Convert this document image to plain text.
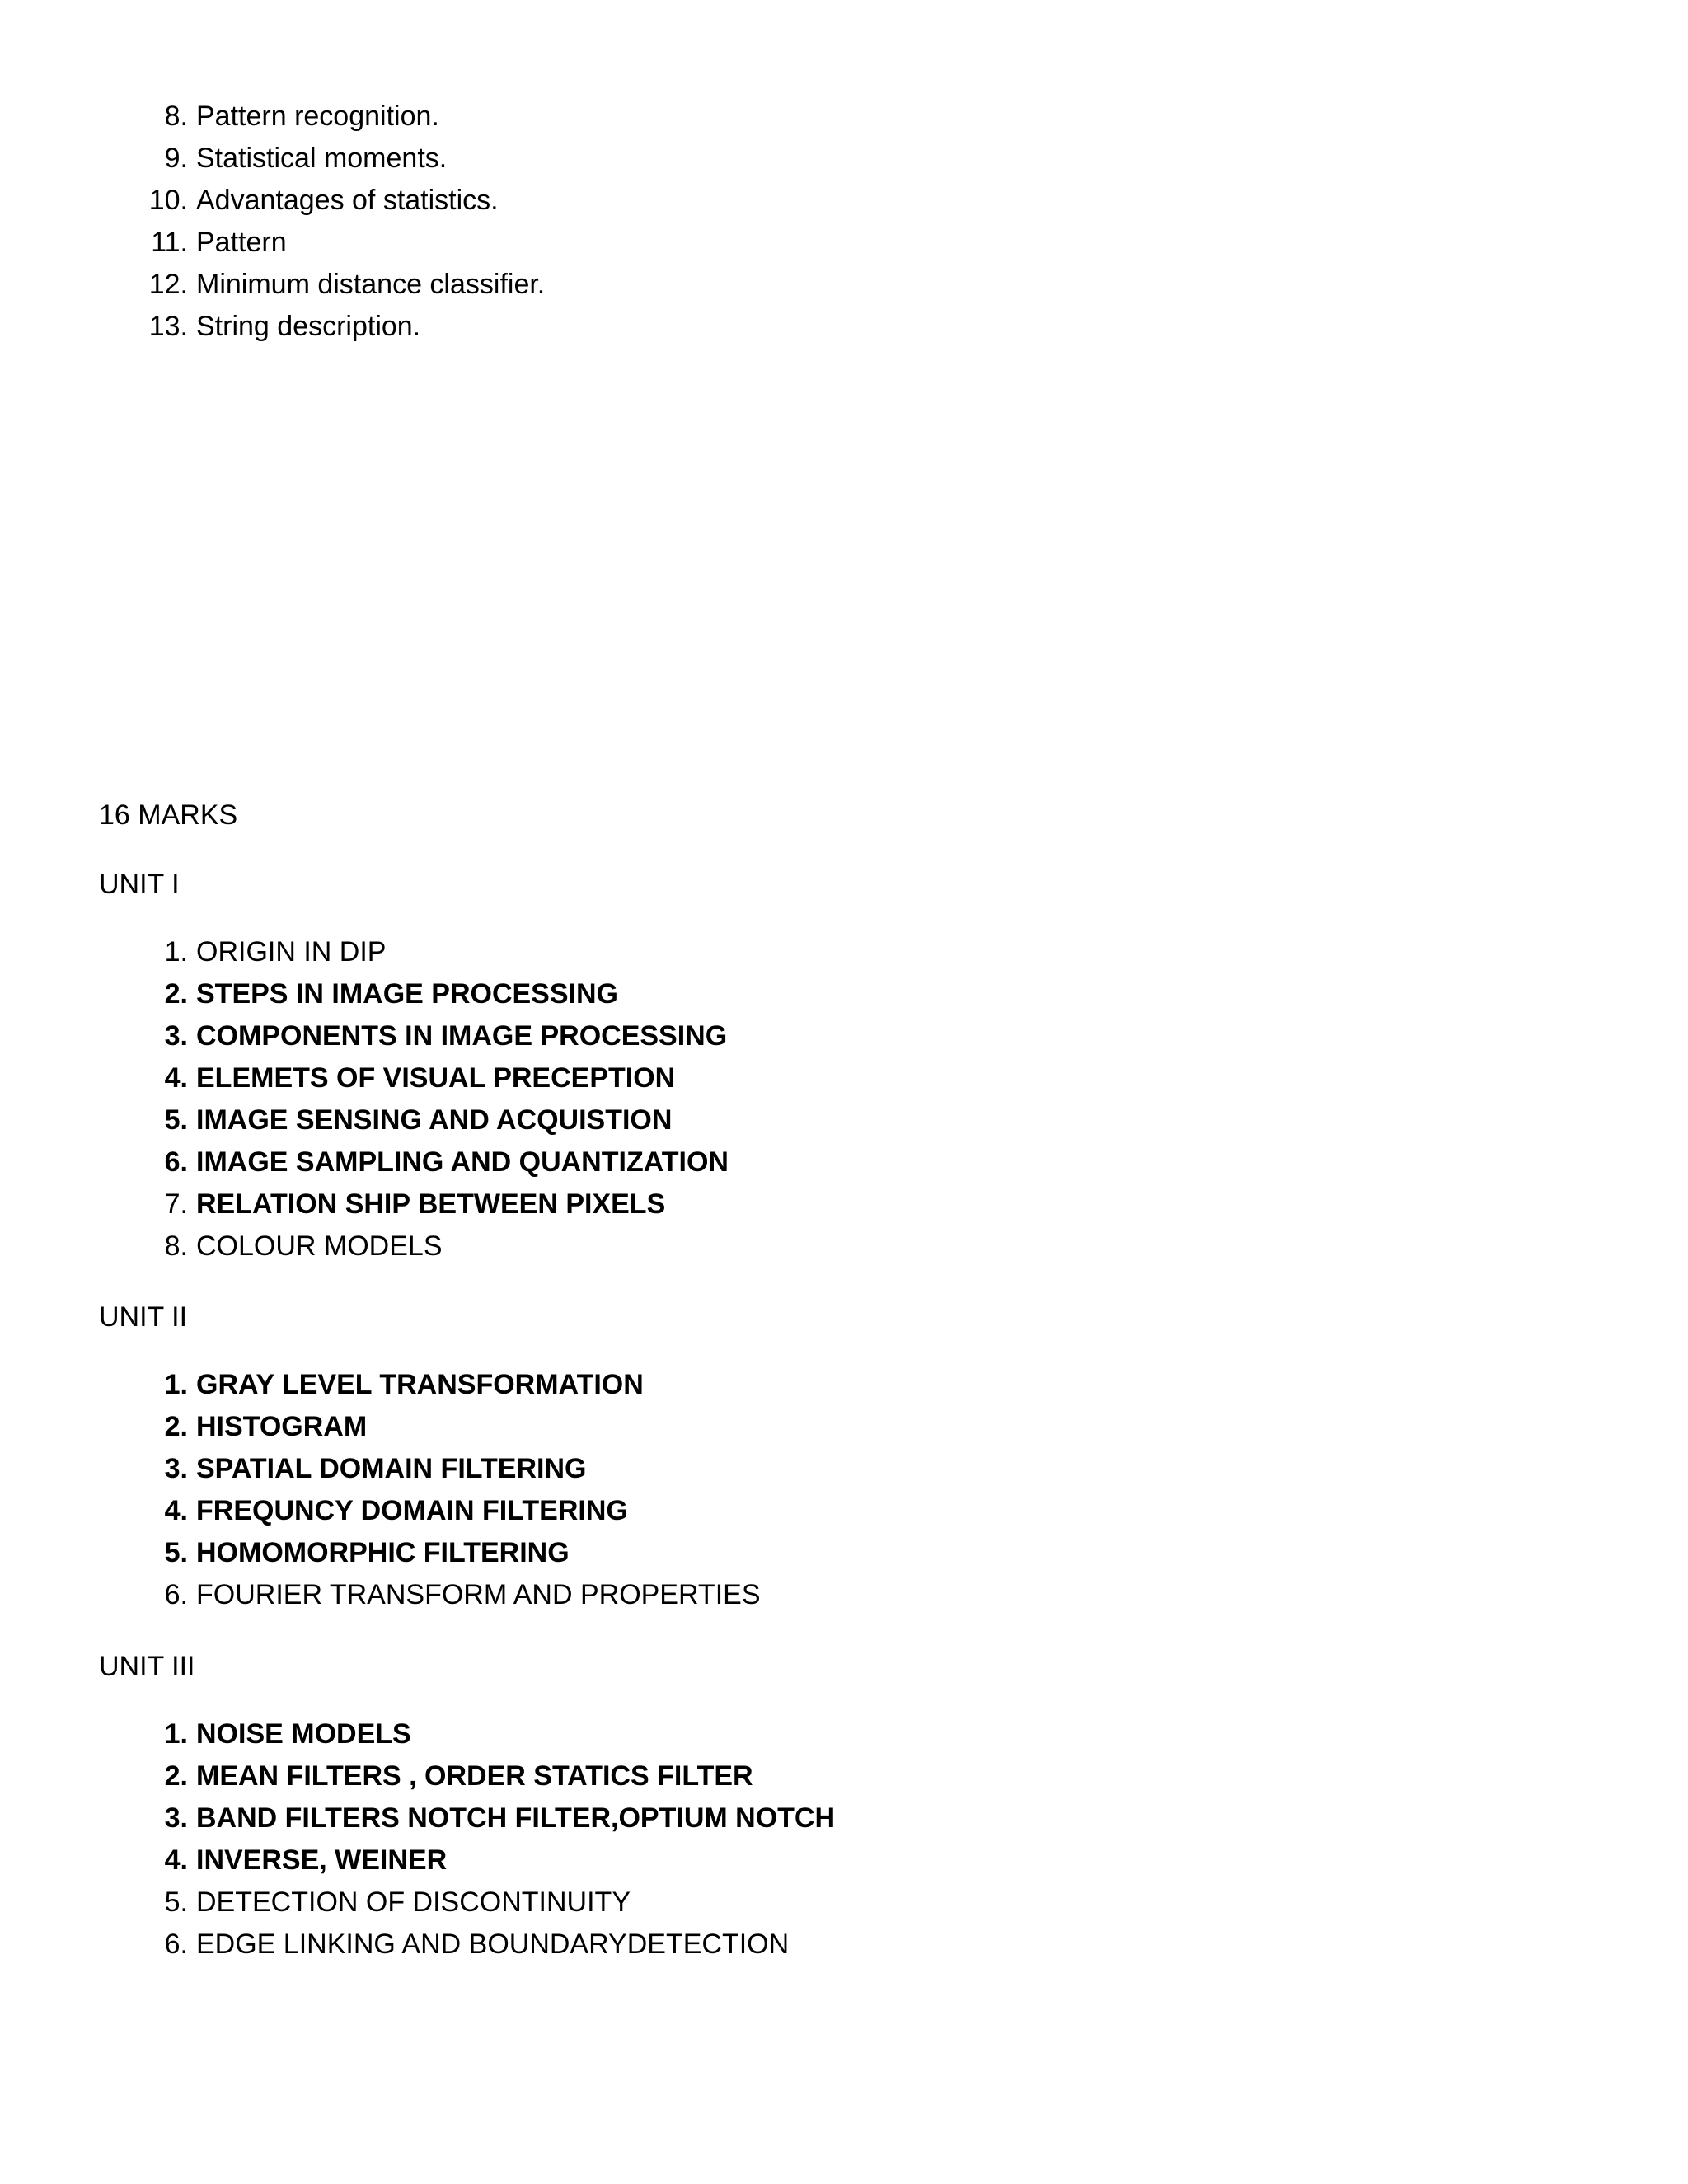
8. Pattern recognition.
9. Statistical moments.
10. Advantages of statistics.
11. Pattern
12. Minimum distance classifier.
13. String description.
16 MARKS
UNIT I
1. ORIGIN IN DIP
2. STEPS IN IMAGE PROCESSING
3. COMPONENTS IN IMAGE PROCESSING
4. ELEMETS OF VISUAL PRECEPTION
5. IMAGE SENSING AND ACQUISTION
6. IMAGE SAMPLING AND QUANTIZATION
7. RELATION SHIP BETWEEN PIXELS
8. COLOUR MODELS
UNIT II
1. GRAY LEVEL TRANSFORMATION
2. HISTOGRAM
3. SPATIAL DOMAIN FILTERING
4. FREQUNCY DOMAIN FILTERING
5. HOMOMORPHIC FILTERING
6. FOURIER TRANSFORM AND PROPERTIES
UNIT III
1. NOISE MODELS
2. MEAN FILTERS , ORDER STATICS FILTER
3. BAND FILTERS NOTCH FILTER,OPTIUM NOTCH
4. INVERSE, WEINER
5. DETECTION OF DISCONTINUITY
6. EDGE LINKING AND BOUNDARYDETECTION
